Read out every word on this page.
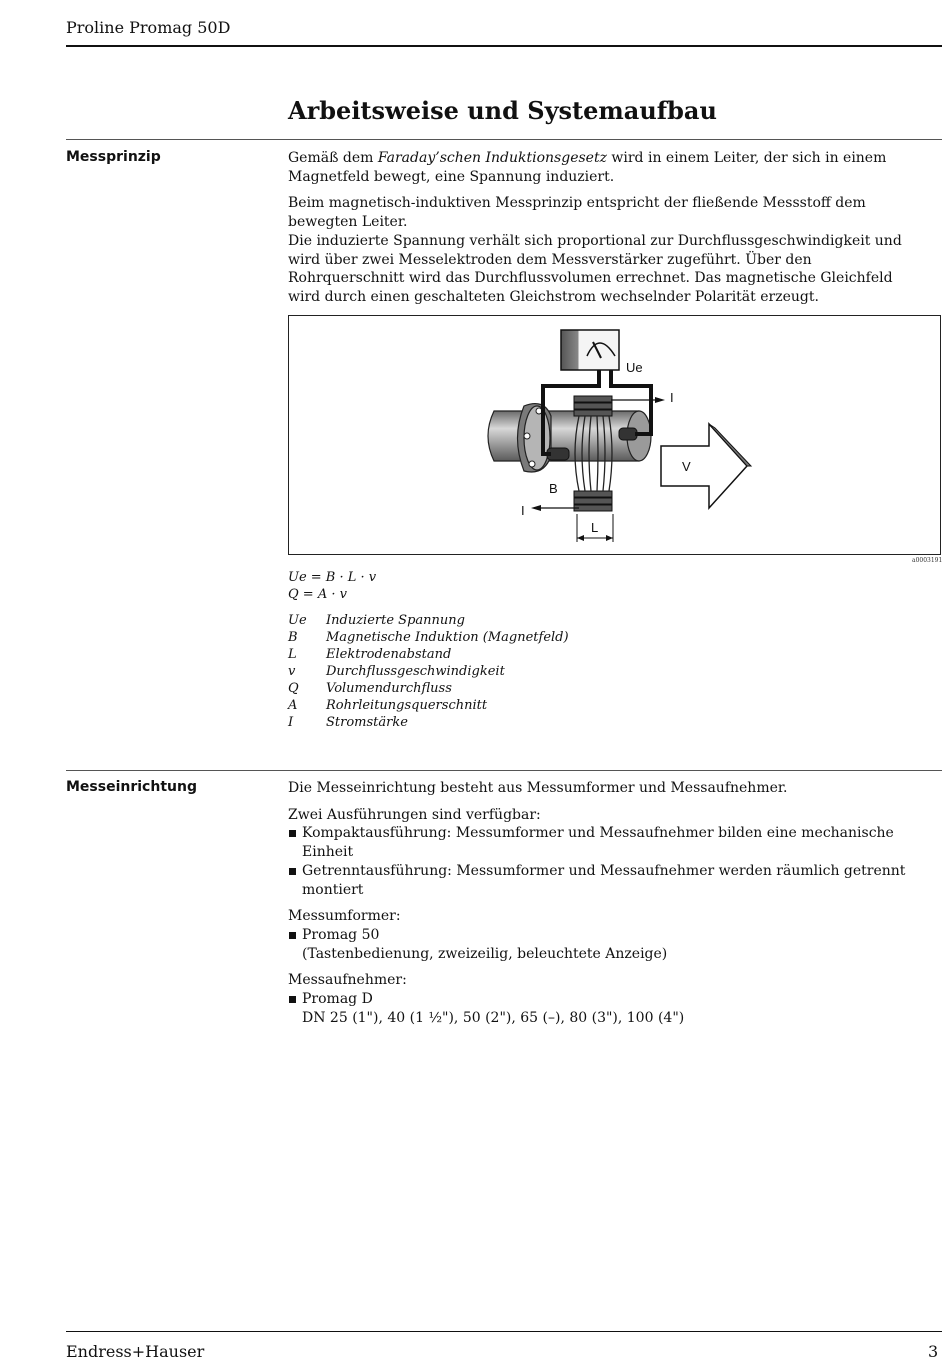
Proline Promag 50D
Arbeitsweise und Systemaufbau
Messprinzip	Gemäß dem Faraday’schen Induktionsgesetz wird in einem Leiter, der sich in einem Magnetfeld bewegt, eine Spannung induziert.

Beim magnetisch-induktiven Messprinzip entspricht der fließende Messstoff dem bewegten Leiter.
Die induzierte Spannung verhält sich proportional zur Durchflussgeschwindigkeit und wird über zwei Messelektroden dem Messverstärker zugeführt. Über den Rohrquerschnitt wird das Durchflussvolumen errechnet. Das magnetische Gleichfeld wird durch einen geschalteten Gleichstrom wechselnder Polarität erzeugt.

Ue
I
V
B
I
L
a0003191
Ue = B · L · v
Q = A · v
Ue	Induzierte Spannung
B	Magnetische Induktion (Magnetfeld)
L	Elektrodenabstand
v	Durchflussgeschwindigkeit
Q	Volumendurchfluss
A	Rohrleitungsquerschnitt
I	Stromstärke
Messeinrichtung	Die Messeinrichtung besteht aus Messumformer und Messaufnehmer.

Zwei Ausführungen sind verfügbar:

Kompaktausführung: Messumformer und Messaufnehmer bilden eine mechanische Einheit
Getrenntausführung: Messumformer und Messaufnehmer werden räumlich getrennt montiert

Messumformer:

Promag 50
(Tastenbedienung, zweizeilig, beleuchtete Anzeige)

Messaufnehmer:

Promag D
DN 25 (1"), 40 (1 ½"), 50 (2"), 65 (–), 80 (3"), 100 (4")
Endress+Hauser	3
